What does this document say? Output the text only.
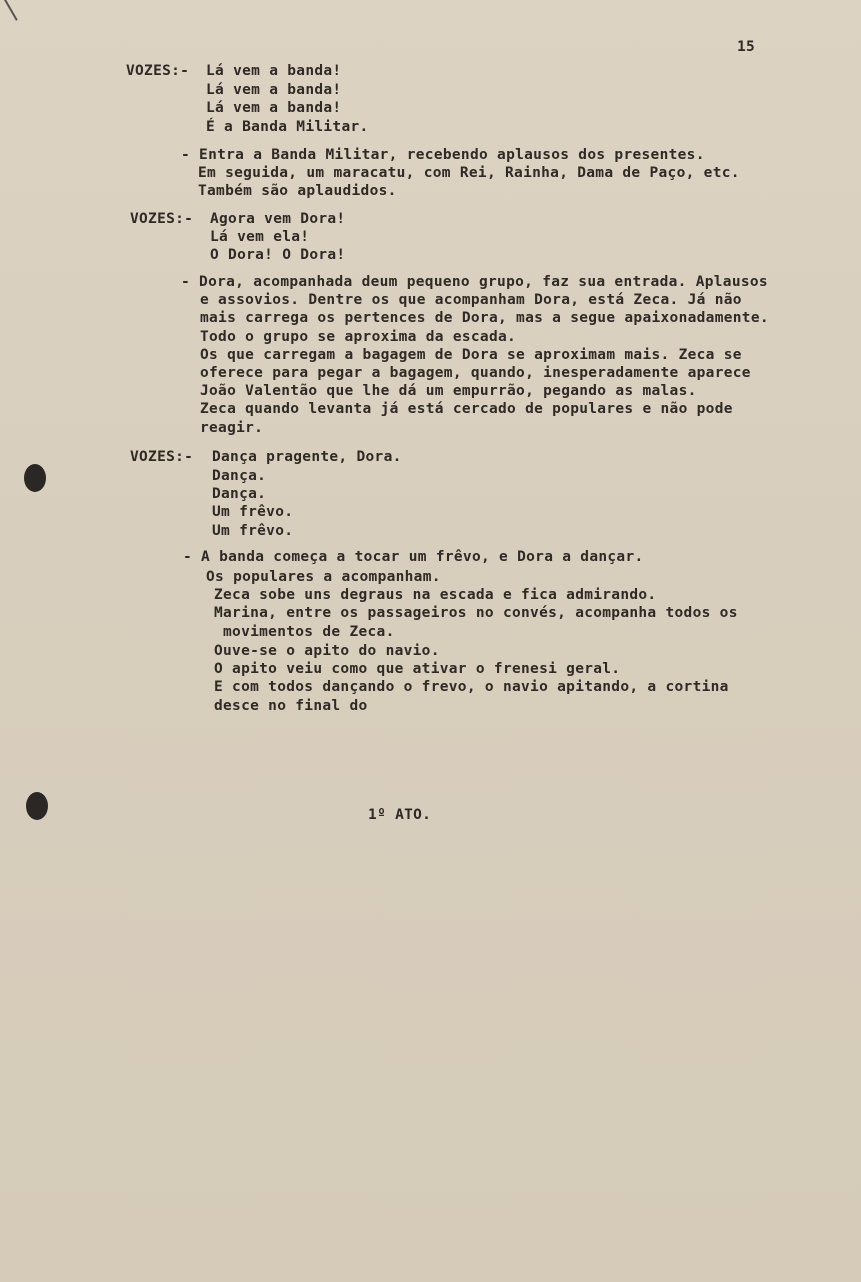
15
VOZES:- Lá vem a banda!
Lá vem a banda!
Lá vem a banda!
É a Banda Militar.
- Entra a Banda Militar, recebendo aplausos dos presentes.
Em seguida, um maracatu, com Rei, Rainha, Dama de Paço, etc.
Também são aplaudidos.
VOZES:- Agora vem Dora!
Lá vem ela!
O Dora! O Dora!
- Dora, acompanhada deum pequeno grupo, faz sua entrada. Aplausos
e assovios. Dentre os que acompanham Dora, está Zeca. Já não
mais carrega os pertences de Dora, mas a segue apaixonadamente.
Todo o grupo se aproxima da escada.
Os que carregam a bagagem de Dora se aproximam mais. Zeca se
oferece para pegar a bagagem, quando, inesperadamente aparece
João Valentão que lhe dá um empurrão, pegando as malas.
Zeca quando levanta já está cercado de populares e não pode
reagir.
VOZES:- Dança pragente, Dora.
Dança.
Dança.
Um frêvo.
Um frêvo.
- A banda começa a tocar um frêvo, e Dora a dançar.
Os populares a acompanham.
Zeca sobe uns degraus na escada e fica admirando.
Marina, entre os passageiros no convés, acompanha todos os
movimentos de Zeca.
Ouve-se o apito do navio.
O apito veiu como que ativar o frenesi geral.
E com todos dançando o frevo, o navio apitando, a cortina
desce no final do
1º ATO.
